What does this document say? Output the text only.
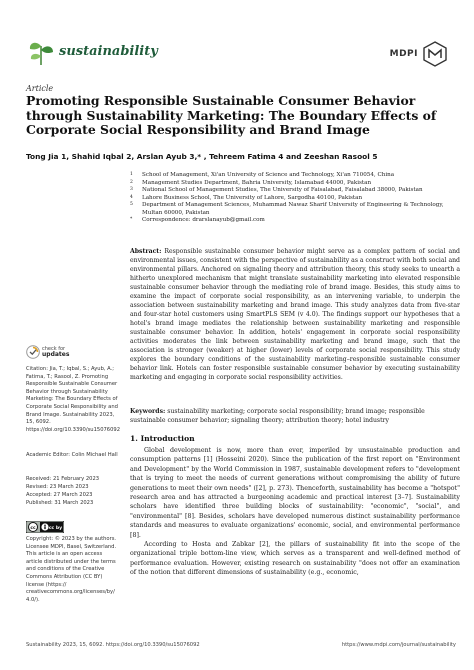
sustainability	MDPI
Article
Promoting Responsible Sustainable Consumer Behavior through Sustainability Marketing: The Boundary Effects of Corporate Social Responsibility and Brand Image
Tong Jia 1, Shahid Iqbal 2, Arslan Ayub 3,* , Tehreem Fatima 4 and Zeeshan Rasool 5
1 School of Management, Xi'an University of Science and Technology, Xi'an 710054, China
2 Management Studies Department, Bahria University, Islamabad 44000, Pakistan
3 National School of Management Studies, The University of Faisalabad, Faisalabad 38000, Pakistan
4 Lahore Business School, The University of Lahore, Sargodha 40100, Pakistan
5 Department of Management Sciences, Muhammad Nawaz Sharif University of Engineering & Technology, Multan 60000, Pakistan
* Correspondence: drarslanayub@gmail.com
Abstract: Responsible sustainable consumer behavior might serve as a complex pattern of social and environmental issues, consistent with the perspective of sustainability as a construct with both social and environmental pillars. Anchored on signaling theory and attribution theory, this study seeks to unearth a hitherto unexplored mechanism that might translate sustainability marketing into elevated responsible sustainable consumer behavior through the mediating role of brand image. Besides, this study aims to examine the impact of corporate social responsibility, as an intervening variable, to underpin the association between sustainability marketing and brand image. This study analyzes data from five-star and four-star hotel customers using SmartPLS SEM (v 4.0). The findings support our hypotheses that a hotel's brand image mediates the relationship between sustainability marketing and responsible sustainable consumer behavior. In addition, hotels' engagement in corporate social responsibility activities moderates the link between sustainability marketing and brand image, such that the association is stronger (weaker) at higher (lower) levels of corporate social responsibility. This study explores the boundary conditions of the sustainability marketing–responsible sustainable consumer behavior link. Hotels can foster responsible sustainable consumer behavior by executing sustainability marketing and engaging in corporate social responsibility activities.
Keywords: sustainability marketing; corporate social responsibility; brand image; responsible sustainable consumer behavior; signaling theory; attribution theory; hotel industry
check for
updates
Citation: Jia, T.; Iqbal, S.; Ayub, A.; Fatima, T.; Rasool, Z. Promoting Responsible Sustainable Consumer Behavior through Sustainability Marketing: The Boundary Effects of Corporate Social Responsibility and Brand Image. Sustainability 2023, 15, 6092. https://doi.org/10.3390/su15076092
Academic Editor: Colin Michael Hall
Received: 21 February 2023
Revised: 23 March 2023
Accepted: 27 March 2023
Published: 31 March 2023
cc	cc by
Copyright: © 2023 by the authors. Licensee MDPI, Basel, Switzerland. This article is an open access article distributed under the terms and conditions of the Creative Commons Attribution (CC BY) license (https:// creativecommons.org/licenses/by/ 4.0/).
1. Introduction

Global development is now, more than ever, imperiled by unsustainable production and consumption patterns [1] (Hosseini 2020). Since the publication of the first report on "Environment and Development" by the World Commission in 1987, sustainable development refers to "development that is trying to meet the needs of current generations without compromising the ability of future generations to meet their own needs" ([2], p. 273). Thenceforth, sustainability has become a "hotspot" research area and has attracted a burgeoning academic and practical interest [3–7]. Sustainability scholars have identified three building blocks of sustainability: "economic", "social", and "environmental" [8]. Besides, scholars have developed numerous distinct sustainability performance standards and measures to evaluate organizations' economic, social, and environmental performance [8].

According to Hosta and Zabkar [2], the pillars of sustainability fit into the scope of the organizational triple bottom-line view, which serves as a transparent and well-defined method of performance evaluation. However, existing research on sustainability "does not offer an examination of the notion that different dimensions of sustainability (e.g., economic,

Sustainability 2023, 15, 6092. https://doi.org/10.3390/su15076092	https://www.mdpi.com/journal/sustainability
